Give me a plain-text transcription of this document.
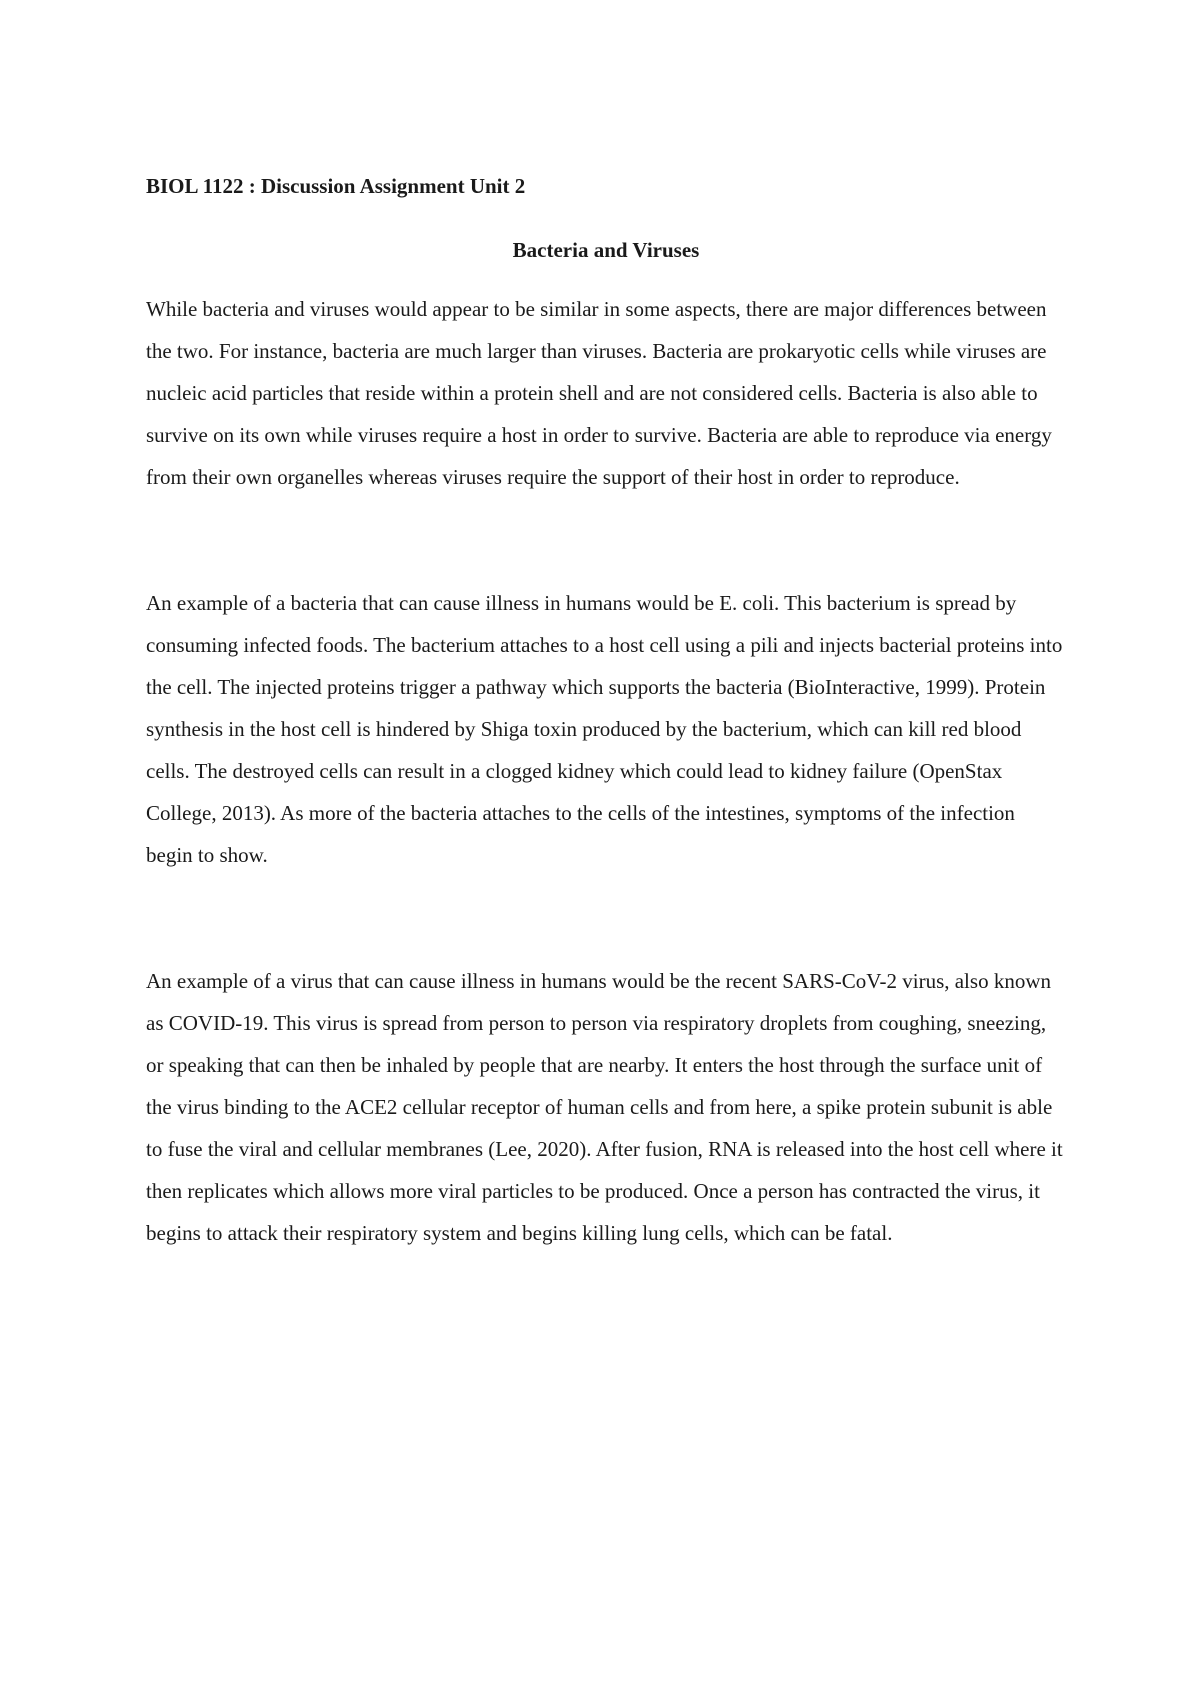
BIOL 1122 : Discussion Assignment Unit 2

Bacteria and Viruses

While bacteria and viruses would appear to be similar in some aspects, there are major differences between the two. For instance, bacteria are much larger than viruses. Bacteria are prokaryotic cells while viruses are nucleic acid particles that reside within a protein shell and are not considered cells. Bacteria is also able to survive on its own while viruses require a host in order to survive. Bacteria are able to reproduce via energy from their own organelles whereas viruses require the support of their host in order to reproduce.

An example of a bacteria that can cause illness in humans would be E. coli. This bacterium is spread by consuming infected foods. The bacterium attaches to a host cell using a pili and injects bacterial proteins into the cell. The injected proteins trigger a pathway which supports the bacteria (BioInteractive, 1999). Protein synthesis in the host cell is hindered by Shiga toxin produced by the bacterium, which can kill red blood cells. The destroyed cells can result in a clogged kidney which could lead to kidney failure (OpenStax College, 2013). As more of the bacteria attaches to the cells of the intestines, symptoms of the infection begin to show.

An example of a virus that can cause illness in humans would be the recent SARS-CoV-2 virus, also known as COVID-19. This virus is spread from person to person via respiratory droplets from coughing, sneezing, or speaking that can then be inhaled by people that are nearby. It enters the host through the surface unit of the virus binding to the ACE2 cellular receptor of human cells and from here, a spike protein subunit is able to fuse the viral and cellular membranes (Lee, 2020). After fusion, RNA is released into the host cell where it then replicates which allows more viral particles to be produced. Once a person has contracted the virus, it begins to attack their respiratory system and begins killing lung cells, which can be fatal.
